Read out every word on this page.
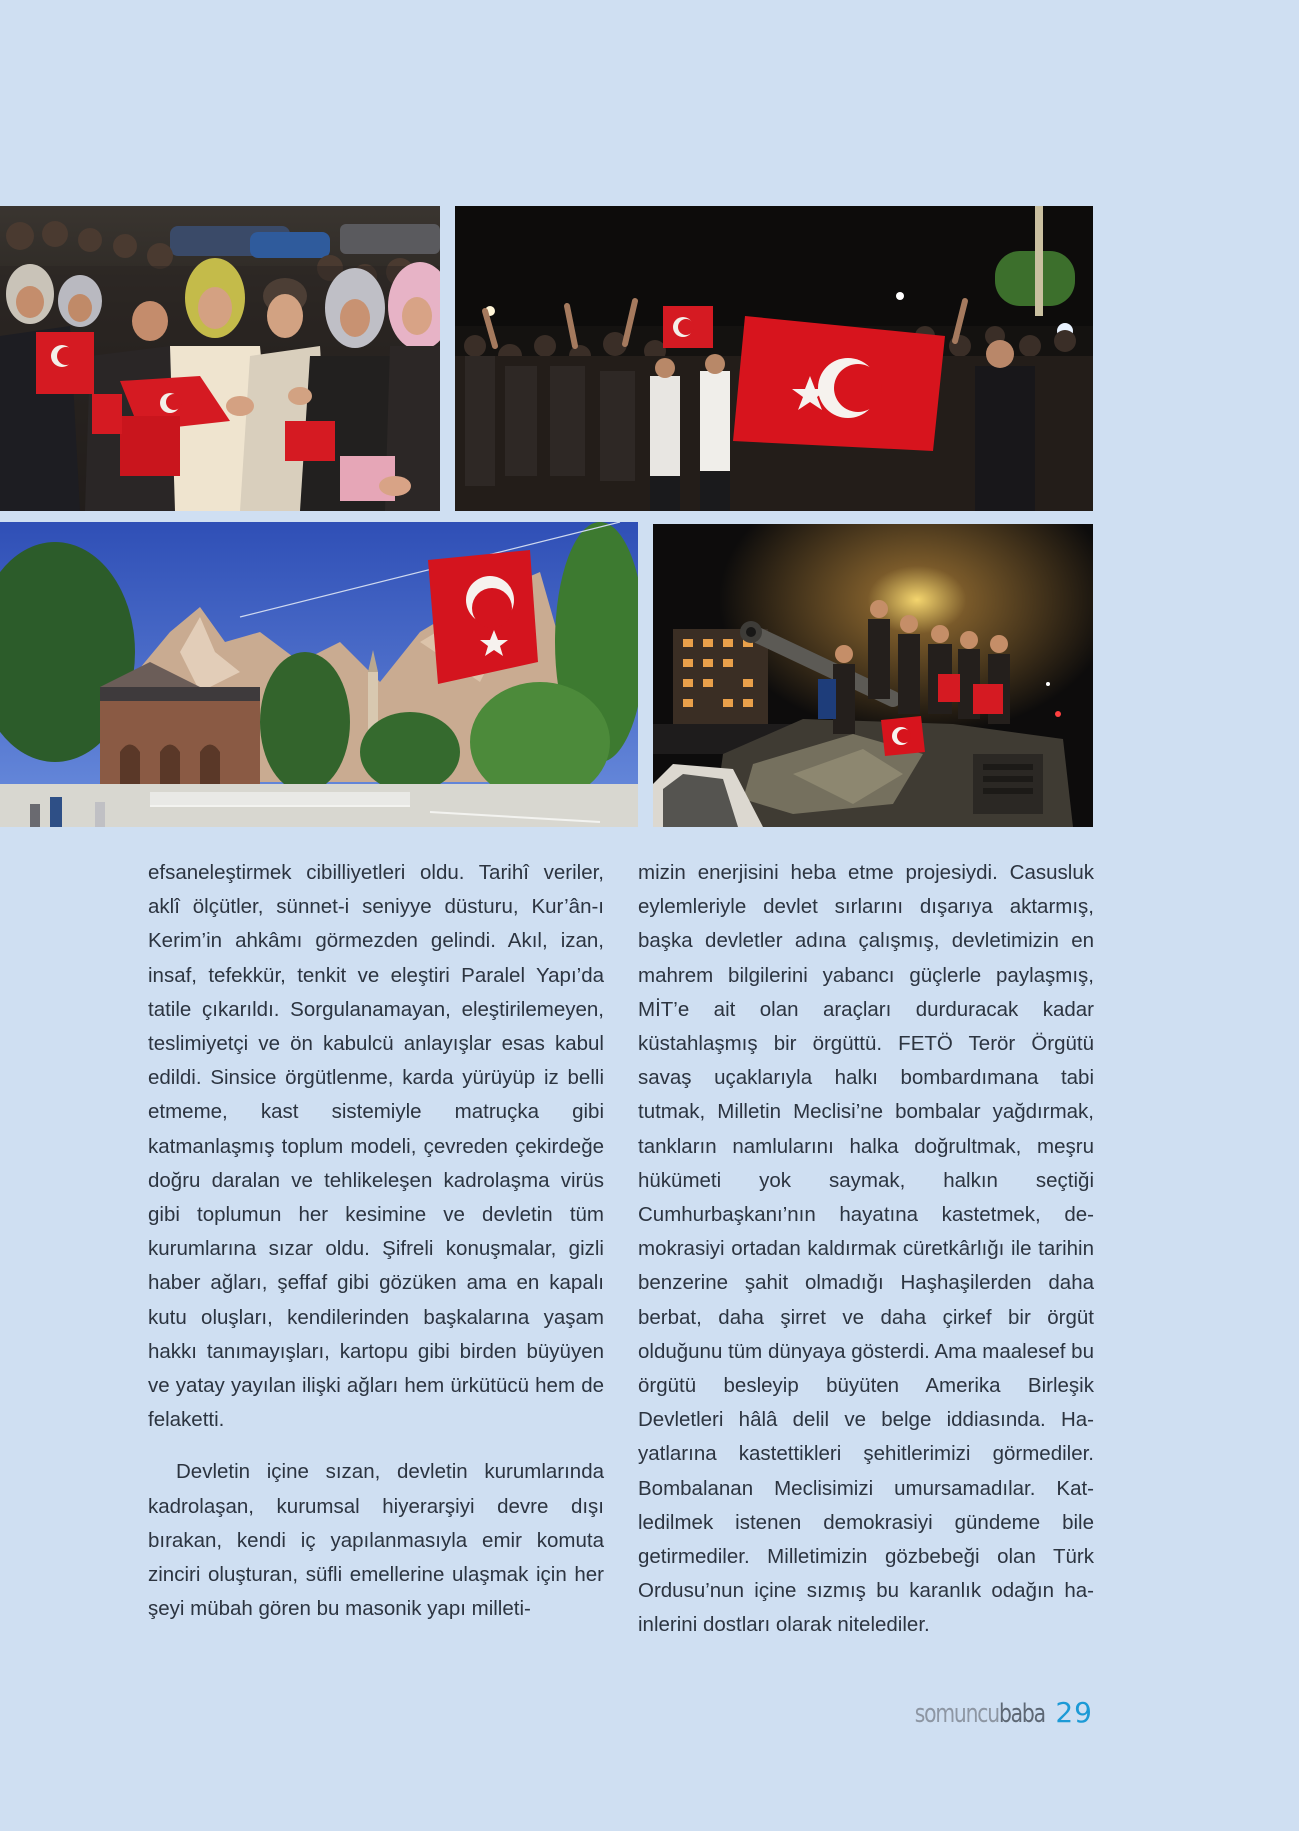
efsaneleştirmek cibilliyetleri oldu. Tarihî veriler, aklî ölçütler, sünnet-i seniyye düsturu, Kur’ân-ı Kerim’in ahkâmı görmezden gelindi. Akıl, izan, insaf, tefekkür, tenkit ve eleştiri Paralel Yapı’da tatile çıkarıldı. Sorgulanamayan, eleştirilemeyen, teslimiyetçi ve ön kabulcü anlayışlar esas kabul edildi. Sinsice örgütlenme, karda yürüyüp iz belli etmeme, kast sistemiyle matruçka gibi katmanlaşmış toplum modeli, çevreden çekirdeğe doğru daralan ve tehlikeleşen kadrolaşma virüs gibi toplumun her kesimine ve devletin tüm kurumlarına sızar oldu. Şifreli konuşmalar, gizli haber ağları, şeffaf gibi gözüken ama en kapalı kutu oluşları, kendilerinden başkalarına yaşam hakkı tanımayışları, kartopu gibi birden büyüyen ve yatay yayılan ilişki ağları hem ürkütücü hem de felaketti.

Devletin içine sızan, devletin kurumlarında kadrolaşan, kurumsal hiyerarşiyi devre dışı bırakan, kendi iç yapılanmasıyla emir komuta zinciri oluşturan, süfli emellerine ulaşmak için her şeyi mübah gören bu masonik yapı milleti-

mizin enerjisini heba etme projesiydi. Casusluk eylemleriyle devlet sırlarını dışarıya aktarmış, başka devletler adına çalışmış, devletimizin en mahrem bilgilerini yabancı güçlerle paylaşmış, MİT’e ait olan araçları durduracak kadar küstahlaşmış bir örgüttü. FETÖ Terör Örgütü savaş uçaklarıyla halkı bombardımana tabi tutmak, Milletin Meclisi’ne bombalar yağdırmak, tankların namlularını halka doğrultmak, meşru hükümeti yok saymak, halkın seçtiği Cumhurbaşkanı’nın hayatına kastetmek, demokrasiyi ortadan kaldırmak cüretkârlığı ile tarihin benzerine şahit olmadığı Haşhaşilerden daha berbat, daha şirret ve daha çirkef bir örgüt olduğunu tüm dünyaya gösterdi. Ama maalesef bu örgütü besleyip büyüten Amerika Birleşik Devletleri hâlâ delil ve belge iddiasında. Hayatlarına kastettikleri şehitlerimizi görmediler. Bombalanan Meclisimizi umursamadılar. Katledilmek istenen demokrasiyi gündeme bile getirmediler. Milletimizin gözbebeği olan Türk Ordusu’nun içine sızmış bu karanlık odağın hainlerini dostları olarak nitelediler.

somuncubaba 29
